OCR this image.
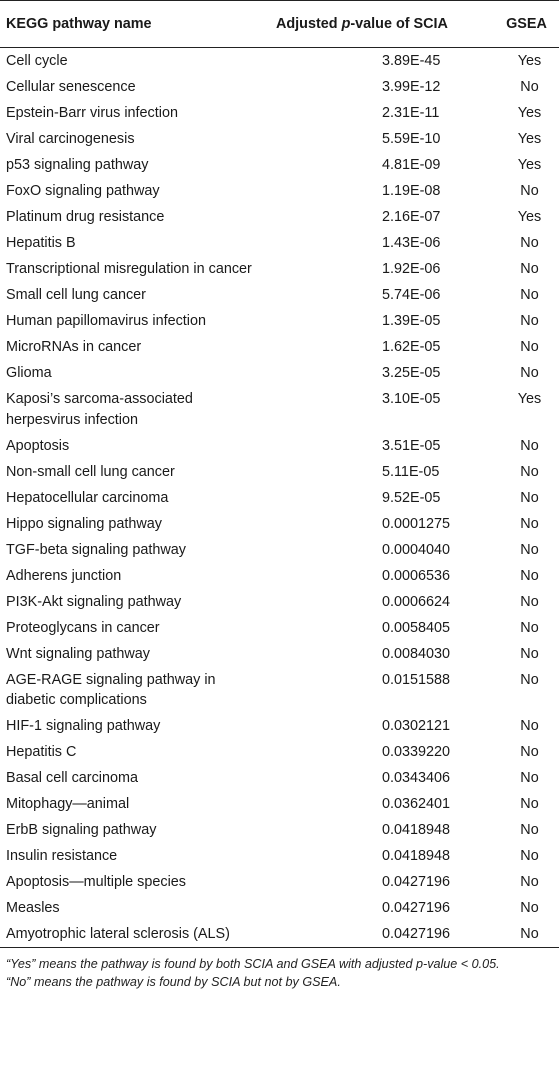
KEGG pathway name	Adjusted p-value of SCIA	GSEA
Cell cycle	3.89E-45	Yes
Cellular senescence	3.99E-12	No
Epstein-Barr virus infection	2.31E-11	Yes
Viral carcinogenesis	5.59E-10	Yes
p53 signaling pathway	4.81E-09	Yes
FoxO signaling pathway	1.19E-08	No
Platinum drug resistance	2.16E-07	Yes
Hepatitis B	1.43E-06	No
Transcriptional misregulation in cancer	1.92E-06	No
Small cell lung cancer	5.74E-06	No
Human papillomavirus infection	1.39E-05	No
MicroRNAs in cancer	1.62E-05	No
Glioma	3.25E-05	No
Kaposi’s sarcoma-associated herpesvirus infection	3.10E-05	Yes
Apoptosis	3.51E-05	No
Non-small cell lung cancer	5.11E-05	No
Hepatocellular carcinoma	9.52E-05	No
Hippo signaling pathway	0.0001275	No
TGF-beta signaling pathway	0.0004040	No
Adherens junction	0.0006536	No
PI3K-Akt signaling pathway	0.0006624	No
Proteoglycans in cancer	0.0058405	No
Wnt signaling pathway	0.0084030	No
AGE-RAGE signaling pathway in diabetic complications	0.0151588	No
HIF-1 signaling pathway	0.0302121	No
Hepatitis C	0.0339220	No
Basal cell carcinoma	0.0343406	No
Mitophagy—animal	0.0362401	No
ErbB signaling pathway	0.0418948	No
Insulin resistance	0.0418948	No
Apoptosis—multiple species	0.0427196	No
Measles	0.0427196	No
Amyotrophic lateral sclerosis (ALS)	0.0427196	No
“Yes” means the pathway is found by both SCIA and GSEA with adjusted p-value < 0.05.
“No” means the pathway is found by SCIA but not by GSEA.
